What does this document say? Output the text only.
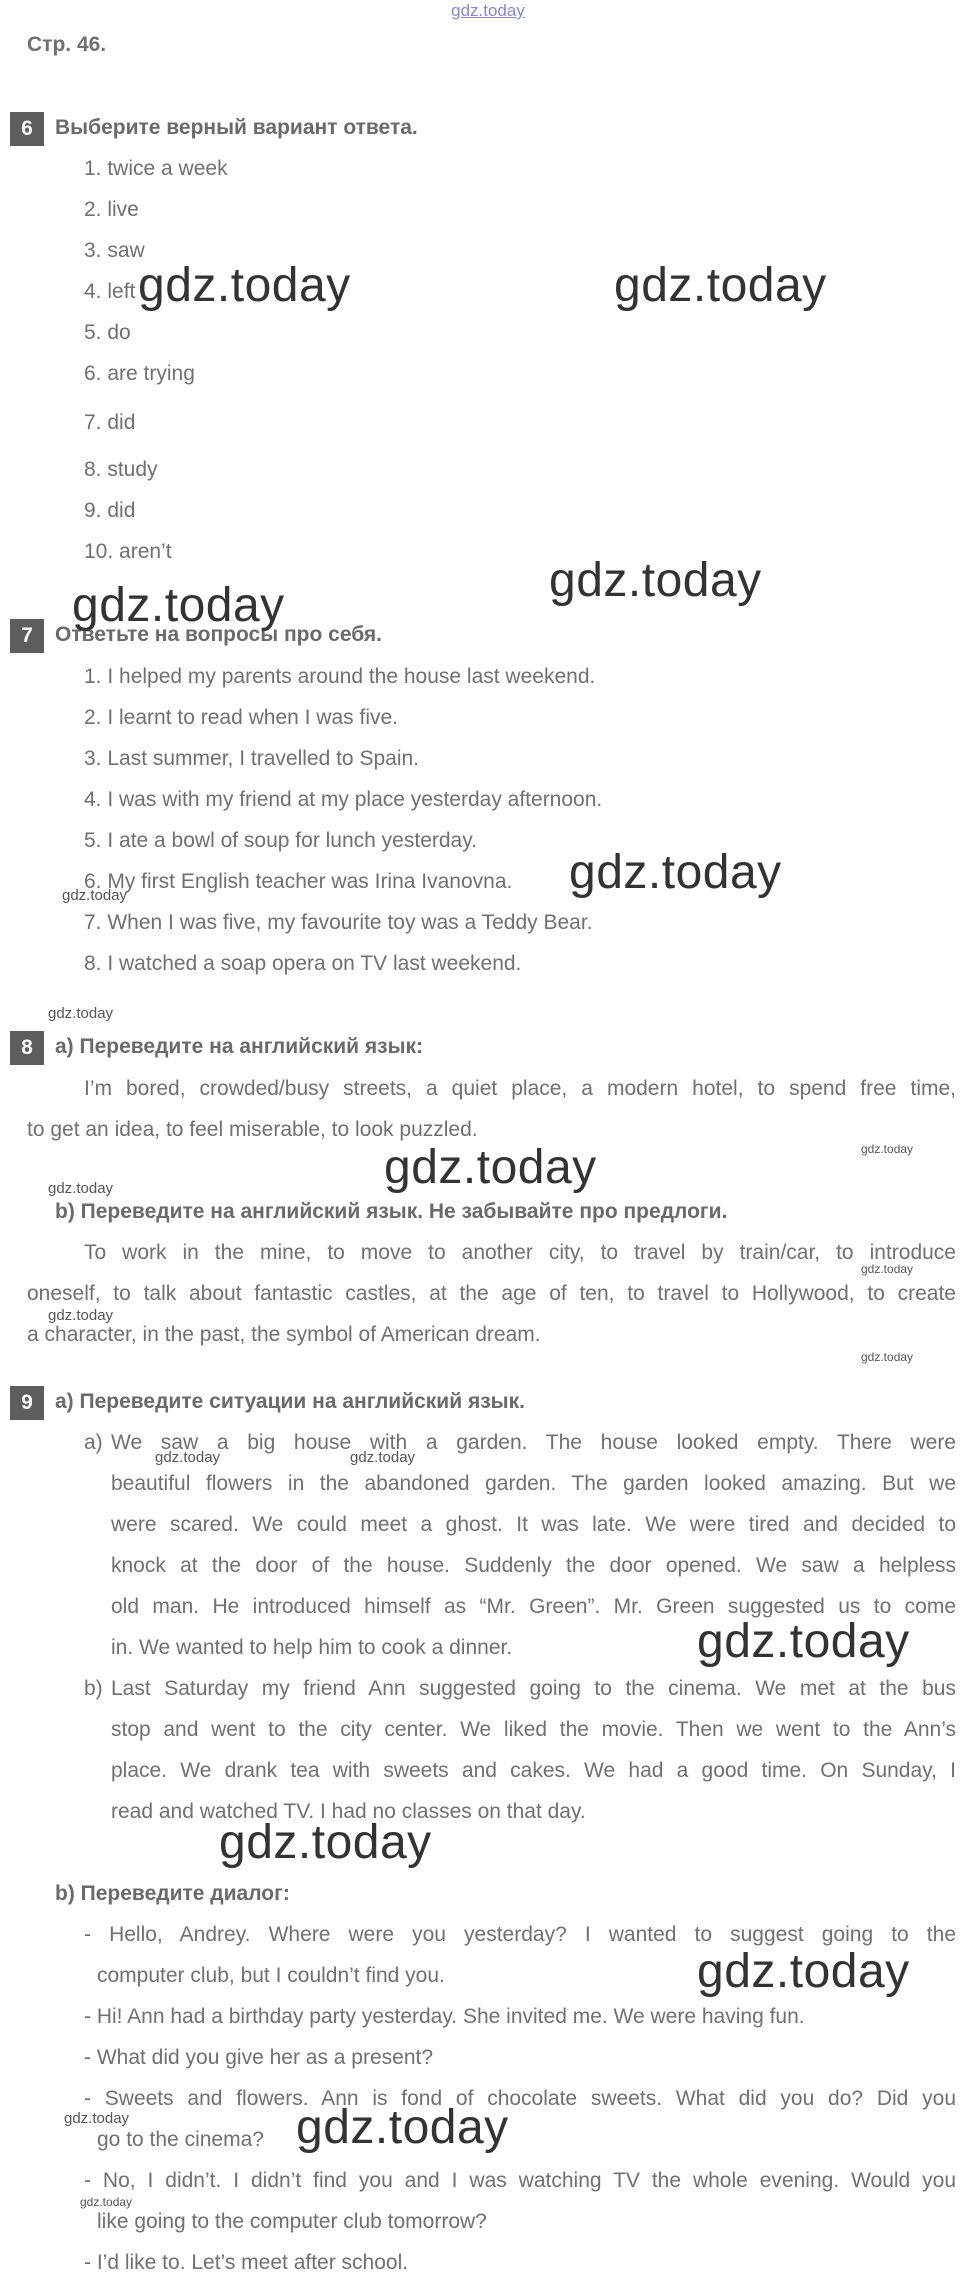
gdz.today
Стр. 46.
6	Выберите верный вариант ответа.
1. twice a week
2. live
3. saw
4. left
5. do
6. are trying
7. did
8. study
9. did
10. aren’t
7	Ответьте на вопросы про себя.
1. I helped my parents around the house last weekend.
2. I learnt to read when I was five.
3. Last summer, I travelled to Spain.
4. I was with my friend at my place yesterday afternoon.
5. I ate a bowl of soup for lunch yesterday.
6. My first English teacher was Irina Ivanovna.
7. When I was five, my favourite toy was a Teddy Bear.
8. I watched a soap opera on TV last weekend.
8	a) Переведите на английский язык:
I’m bored, crowded/busy streets, a quiet place, a modern hotel, to spend free time,
to get an idea, to feel miserable, to look puzzled.
b) Переведите на английский язык. Не забывайте про предлоги.
To work in the mine, to move to another city, to travel by train/car, to introduce
oneself, to talk about fantastic castles, at the age of ten, to travel to Hollywood, to create
a character, in the past, the symbol of American dream.
9	a) Переведите ситуации на английский язык.
a) We saw a big house with a garden. The house looked empty. There were
beautiful flowers in the abandoned garden. The garden looked amazing. But we
were scared. We could meet a ghost. It was late. We were tired and decided to
knock at the door of the house. Suddenly the door opened. We saw a helpless
old man. He introduced himself as “Mr. Green”. Mr. Green suggested us to come
in. We wanted to help him to cook a dinner.
b) Last Saturday my friend Ann suggested going to the cinema. We met at the bus
stop and went to the city center. We liked the movie. Then we went to the Ann’s
place. We drank tea with sweets and cakes. We had a good time. On Sunday, I
read and watched TV. I had no classes on that day.
b) Переведите диалог:
- Hello, Andrey. Where were you yesterday? I wanted to suggest going to the
computer club, but I couldn’t find you.
- Hi! Ann had a birthday party yesterday. She invited me. We were having fun.
- What did you give her as a present?
- Sweets and flowers. Ann is fond of chocolate sweets. What did you do? Did you
go to the cinema?
- No, I didn’t. I didn’t find you and I was watching TV the whole evening. Would you
like going to the computer club tomorrow?
- I’d like to. Let’s meet after school.
gdz.today	gdz.today
gdz.today
gdz.today
gdz.today
gdz.today
gdz.today
gdz.today	gdz.today
gdz.today
gdz.today
gdz.today
gdz.today
gdz.today	gdz.today
gdz.today
gdz.today
gdz.today
gdz.today	gdz.today
gdz.today
